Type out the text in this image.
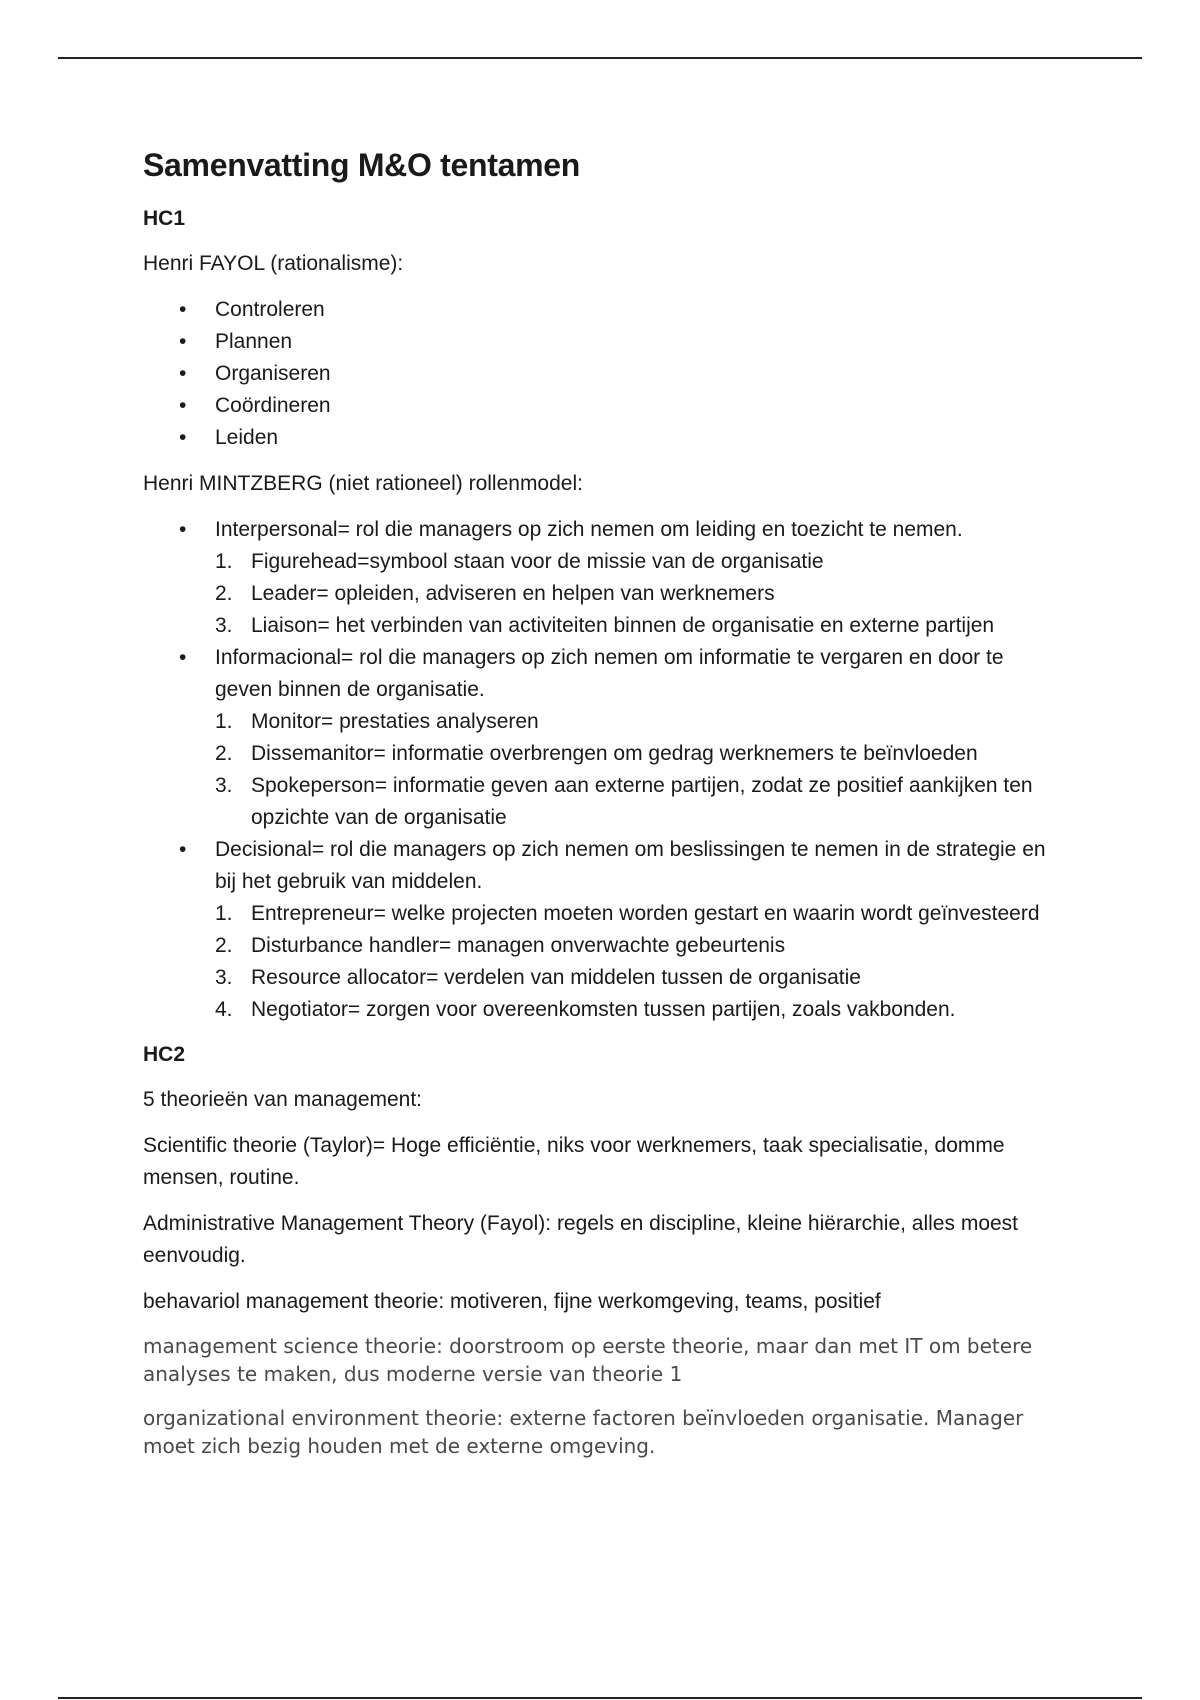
Samenvatting M&O tentamen
HC1

Henri FAYOL (rationalisme):

• Controleren
• Plannen
• Organiseren
• Coördineren
• Leiden

Henri MINTZBERG (niet rationeel) rollenmodel:

• Interpersonal= rol die managers op zich nemen om leiding en toezicht te nemen.
1. Figurehead=symbool staan voor de missie van de organisatie
2. Leader= opleiden, adviseren en helpen van werknemers
3. Liaison= het verbinden van activiteiten binnen de organisatie en externe partijen
• Informacional= rol die managers op zich nemen om informatie te vergaren en door te geven binnen de organisatie.
1. Monitor= prestaties analyseren
2. Dissemanitor= informatie overbrengen om gedrag werknemers te beïnvloeden
3. Spokeperson= informatie geven aan externe partijen, zodat ze positief aankijken ten opzichte van de organisatie
• Decisional= rol die managers op zich nemen om beslissingen te nemen in de strategie en bij het gebruik van middelen.
1. Entrepreneur= welke projecten moeten worden gestart en waarin wordt geïnvesteerd
2. Disturbance handler= managen onverwachte gebeurtenis
3. Resource allocator= verdelen van middelen tussen de organisatie
4. Negotiator= zorgen voor overeenkomsten tussen partijen, zoals vakbonden.
HC2

5 theorieën van management:

Scientific theorie (Taylor)= Hoge efficiëntie, niks voor werknemers, taak specialisatie, domme mensen, routine.

Administrative Management Theory (Fayol): regels en discipline, kleine hiërarchie, alles moest eenvoudig.

behavariol management theorie: motiveren, fijne werkomgeving, teams, positief

management science theorie: doorstroom op eerste theorie, maar dan met IT om betere analyses te maken, dus moderne versie van theorie 1

organizational environment theorie: externe factoren beïnvloeden organisatie. Manager moet zich bezig houden met de externe omgeving.
